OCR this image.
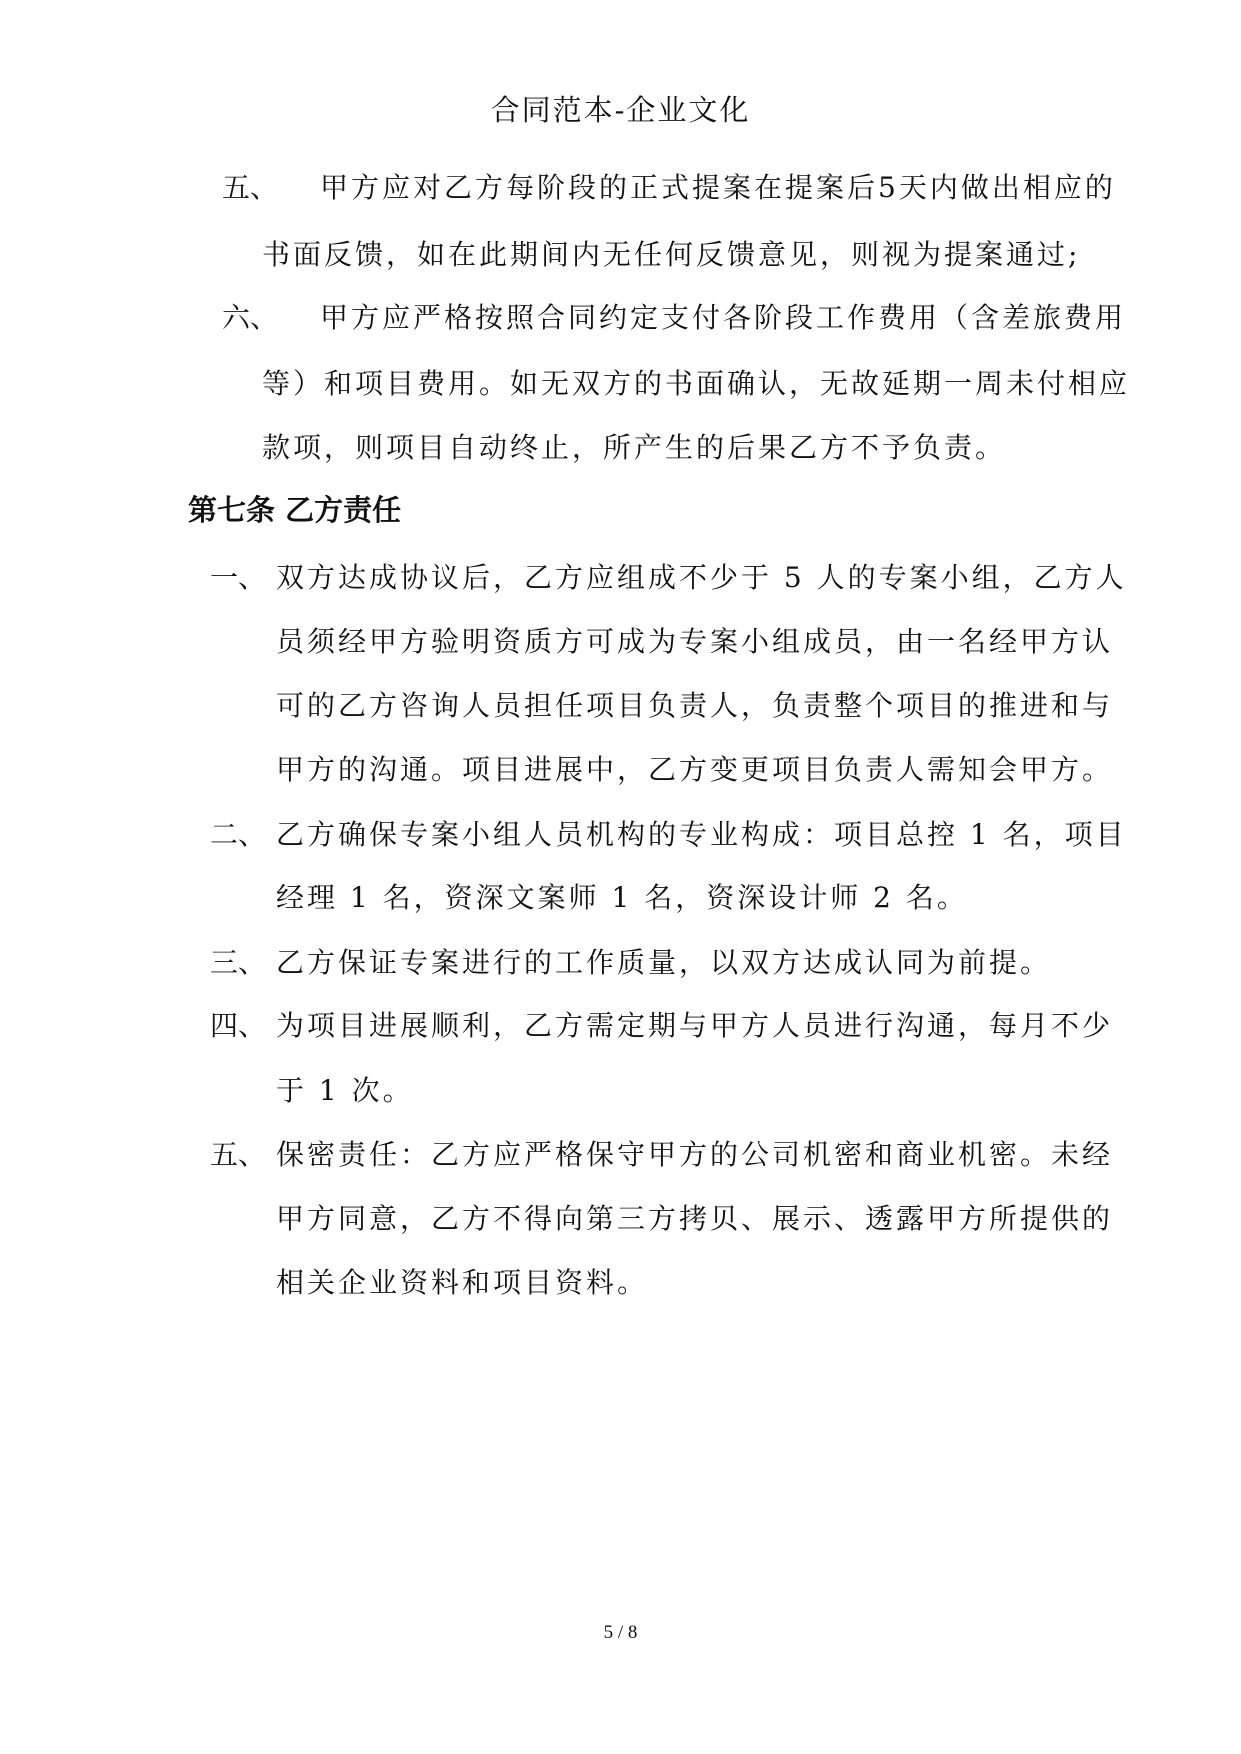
合同范本-企业文化
五、 甲方应对乙方每阶段的正式提案在提案后5天内做出相应的
书面反馈，如在此期间内无任何反馈意见，则视为提案通过;
六、 甲方应严格按照合同约定支付各阶段工作费用（含差旅费用
等）和项目费用。如无双方的书面确认，无故延期一周未付相应
款项，则项目自动终止，所产生的后果乙方不予负责。
第七条 乙方责任
一、 双方达成协议后，乙方应组成不少于 5 人的专案小组，乙方人
员须经甲方验明资质方可成为专案小组成员，由一名经甲方认
可的乙方咨询人员担任项目负责人，负责整个项目的推进和与
甲方的沟通。项目进展中，乙方变更项目负责人需知会甲方。
二、 乙方确保专案小组人员机构的专业构成：项目总控 1 名，项目
经理 1 名，资深文案师 1 名，资深设计师 2 名。
三、 乙方保证专案进行的工作质量，以双方达成认同为前提。
四、 为项目进展顺利，乙方需定期与甲方人员进行沟通，每月不少
于 1 次。
五、 保密责任：乙方应严格保守甲方的公司机密和商业机密。未经
甲方同意，乙方不得向第三方拷贝、展示、透露甲方所提供的
相关企业资料和项目资料。
5 / 8
